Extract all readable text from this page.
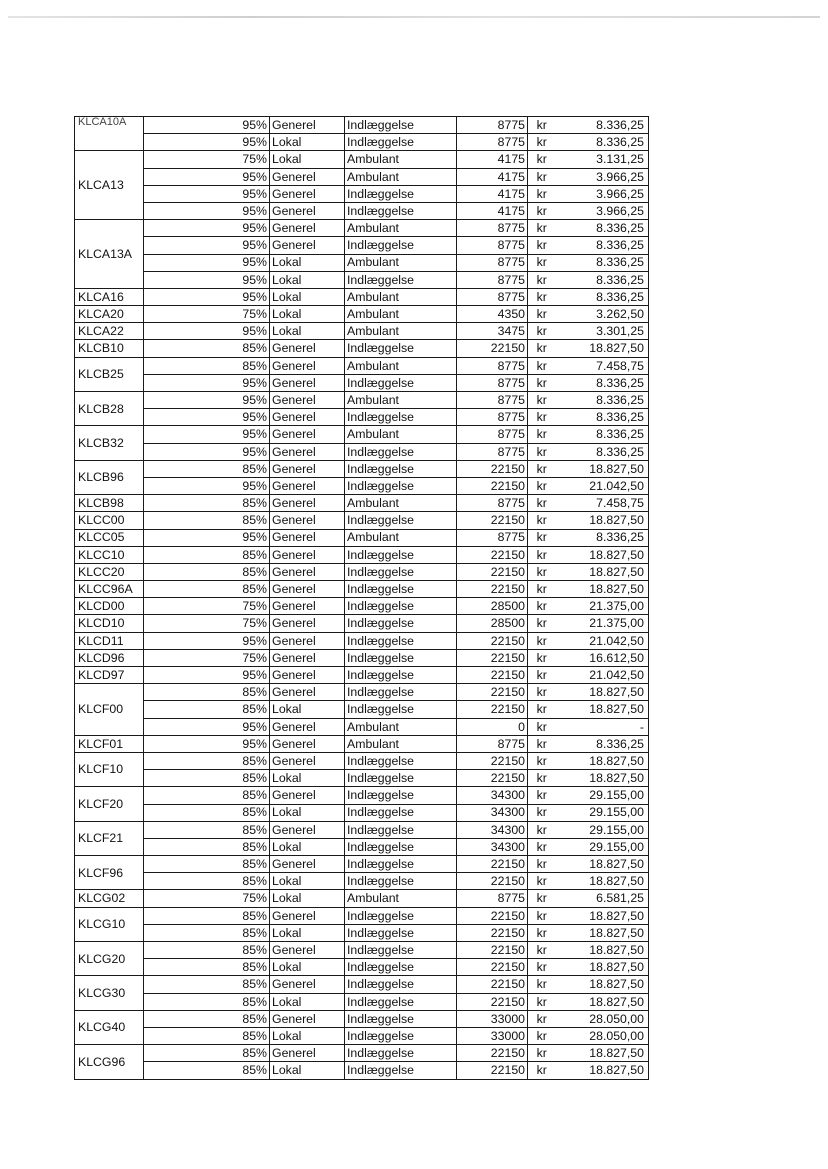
KLCA10A	95%	Generel	Indlæggelse	8775	kr	8.336,25
	95%	Lokal	Indlæggelse	8775	kr	8.336,25
KLCA13	75%	Lokal	Ambulant	4175	kr	3.131,25
	95%	Generel	Ambulant	4175	kr	3.966,25
	95%	Generel	Indlæggelse	4175	kr	3.966,25
	95%	Generel	Indlæggelse	4175	kr	3.966,25
KLCA13A	95%	Generel	Ambulant	8775	kr	8.336,25
	95%	Generel	Indlæggelse	8775	kr	8.336,25
	95%	Lokal	Ambulant	8775	kr	8.336,25
	95%	Lokal	Indlæggelse	8775	kr	8.336,25
KLCA16	95%	Lokal	Ambulant	8775	kr	8.336,25
KLCA20	75%	Lokal	Ambulant	4350	kr	3.262,50
KLCA22	95%	Lokal	Ambulant	3475	kr	3.301,25
KLCB10	85%	Generel	Indlæggelse	22150	kr	18.827,50
KLCB25	85%	Generel	Ambulant	8775	kr	7.458,75
	95%	Generel	Indlæggelse	8775	kr	8.336,25
KLCB28	95%	Generel	Ambulant	8775	kr	8.336,25
	95%	Generel	Indlæggelse	8775	kr	8.336,25
KLCB32	95%	Generel	Ambulant	8775	kr	8.336,25
	95%	Generel	Indlæggelse	8775	kr	8.336,25
KLCB96	85%	Generel	Indlæggelse	22150	kr	18.827,50
	95%	Generel	Indlæggelse	22150	kr	21.042,50
KLCB98	85%	Generel	Ambulant	8775	kr	7.458,75
KLCC00	85%	Generel	Indlæggelse	22150	kr	18.827,50
KLCC05	95%	Generel	Ambulant	8775	kr	8.336,25
KLCC10	85%	Generel	Indlæggelse	22150	kr	18.827,50
KLCC20	85%	Generel	Indlæggelse	22150	kr	18.827,50
KLCC96A	85%	Generel	Indlæggelse	22150	kr	18.827,50
KLCD00	75%	Generel	Indlæggelse	28500	kr	21.375,00
KLCD10	75%	Generel	Indlæggelse	28500	kr	21.375,00
KLCD11	95%	Generel	Indlæggelse	22150	kr	21.042,50
KLCD96	75%	Generel	Indlæggelse	22150	kr	16.612,50
KLCD97	95%	Generel	Indlæggelse	22150	kr	21.042,50
KLCF00	85%	Generel	Indlæggelse	22150	kr	18.827,50
	85%	Lokal	Indlæggelse	22150	kr	18.827,50
	95%	Generel	Ambulant	0	kr	-
KLCF01	95%	Generel	Ambulant	8775	kr	8.336,25
KLCF10	85%	Generel	Indlæggelse	22150	kr	18.827,50
	85%	Lokal	Indlæggelse	22150	kr	18.827,50
KLCF20	85%	Generel	Indlæggelse	34300	kr	29.155,00
	85%	Lokal	Indlæggelse	34300	kr	29.155,00
KLCF21	85%	Generel	Indlæggelse	34300	kr	29.155,00
	85%	Lokal	Indlæggelse	34300	kr	29.155,00
KLCF96	85%	Generel	Indlæggelse	22150	kr	18.827,50
	85%	Lokal	Indlæggelse	22150	kr	18.827,50
KLCG02	75%	Lokal	Ambulant	8775	kr	6.581,25
KLCG10	85%	Generel	Indlæggelse	22150	kr	18.827,50
	85%	Lokal	Indlæggelse	22150	kr	18.827,50
KLCG20	85%	Generel	Indlæggelse	22150	kr	18.827,50
	85%	Lokal	Indlæggelse	22150	kr	18.827,50
KLCG30	85%	Generel	Indlæggelse	22150	kr	18.827,50
	85%	Lokal	Indlæggelse	22150	kr	18.827,50
KLCG40	85%	Generel	Indlæggelse	33000	kr	28.050,00
	85%	Lokal	Indlæggelse	33000	kr	28.050,00
KLCG96	85%	Generel	Indlæggelse	22150	kr	18.827,50
	85%	Lokal	Indlæggelse	22150	kr	18.827,50
